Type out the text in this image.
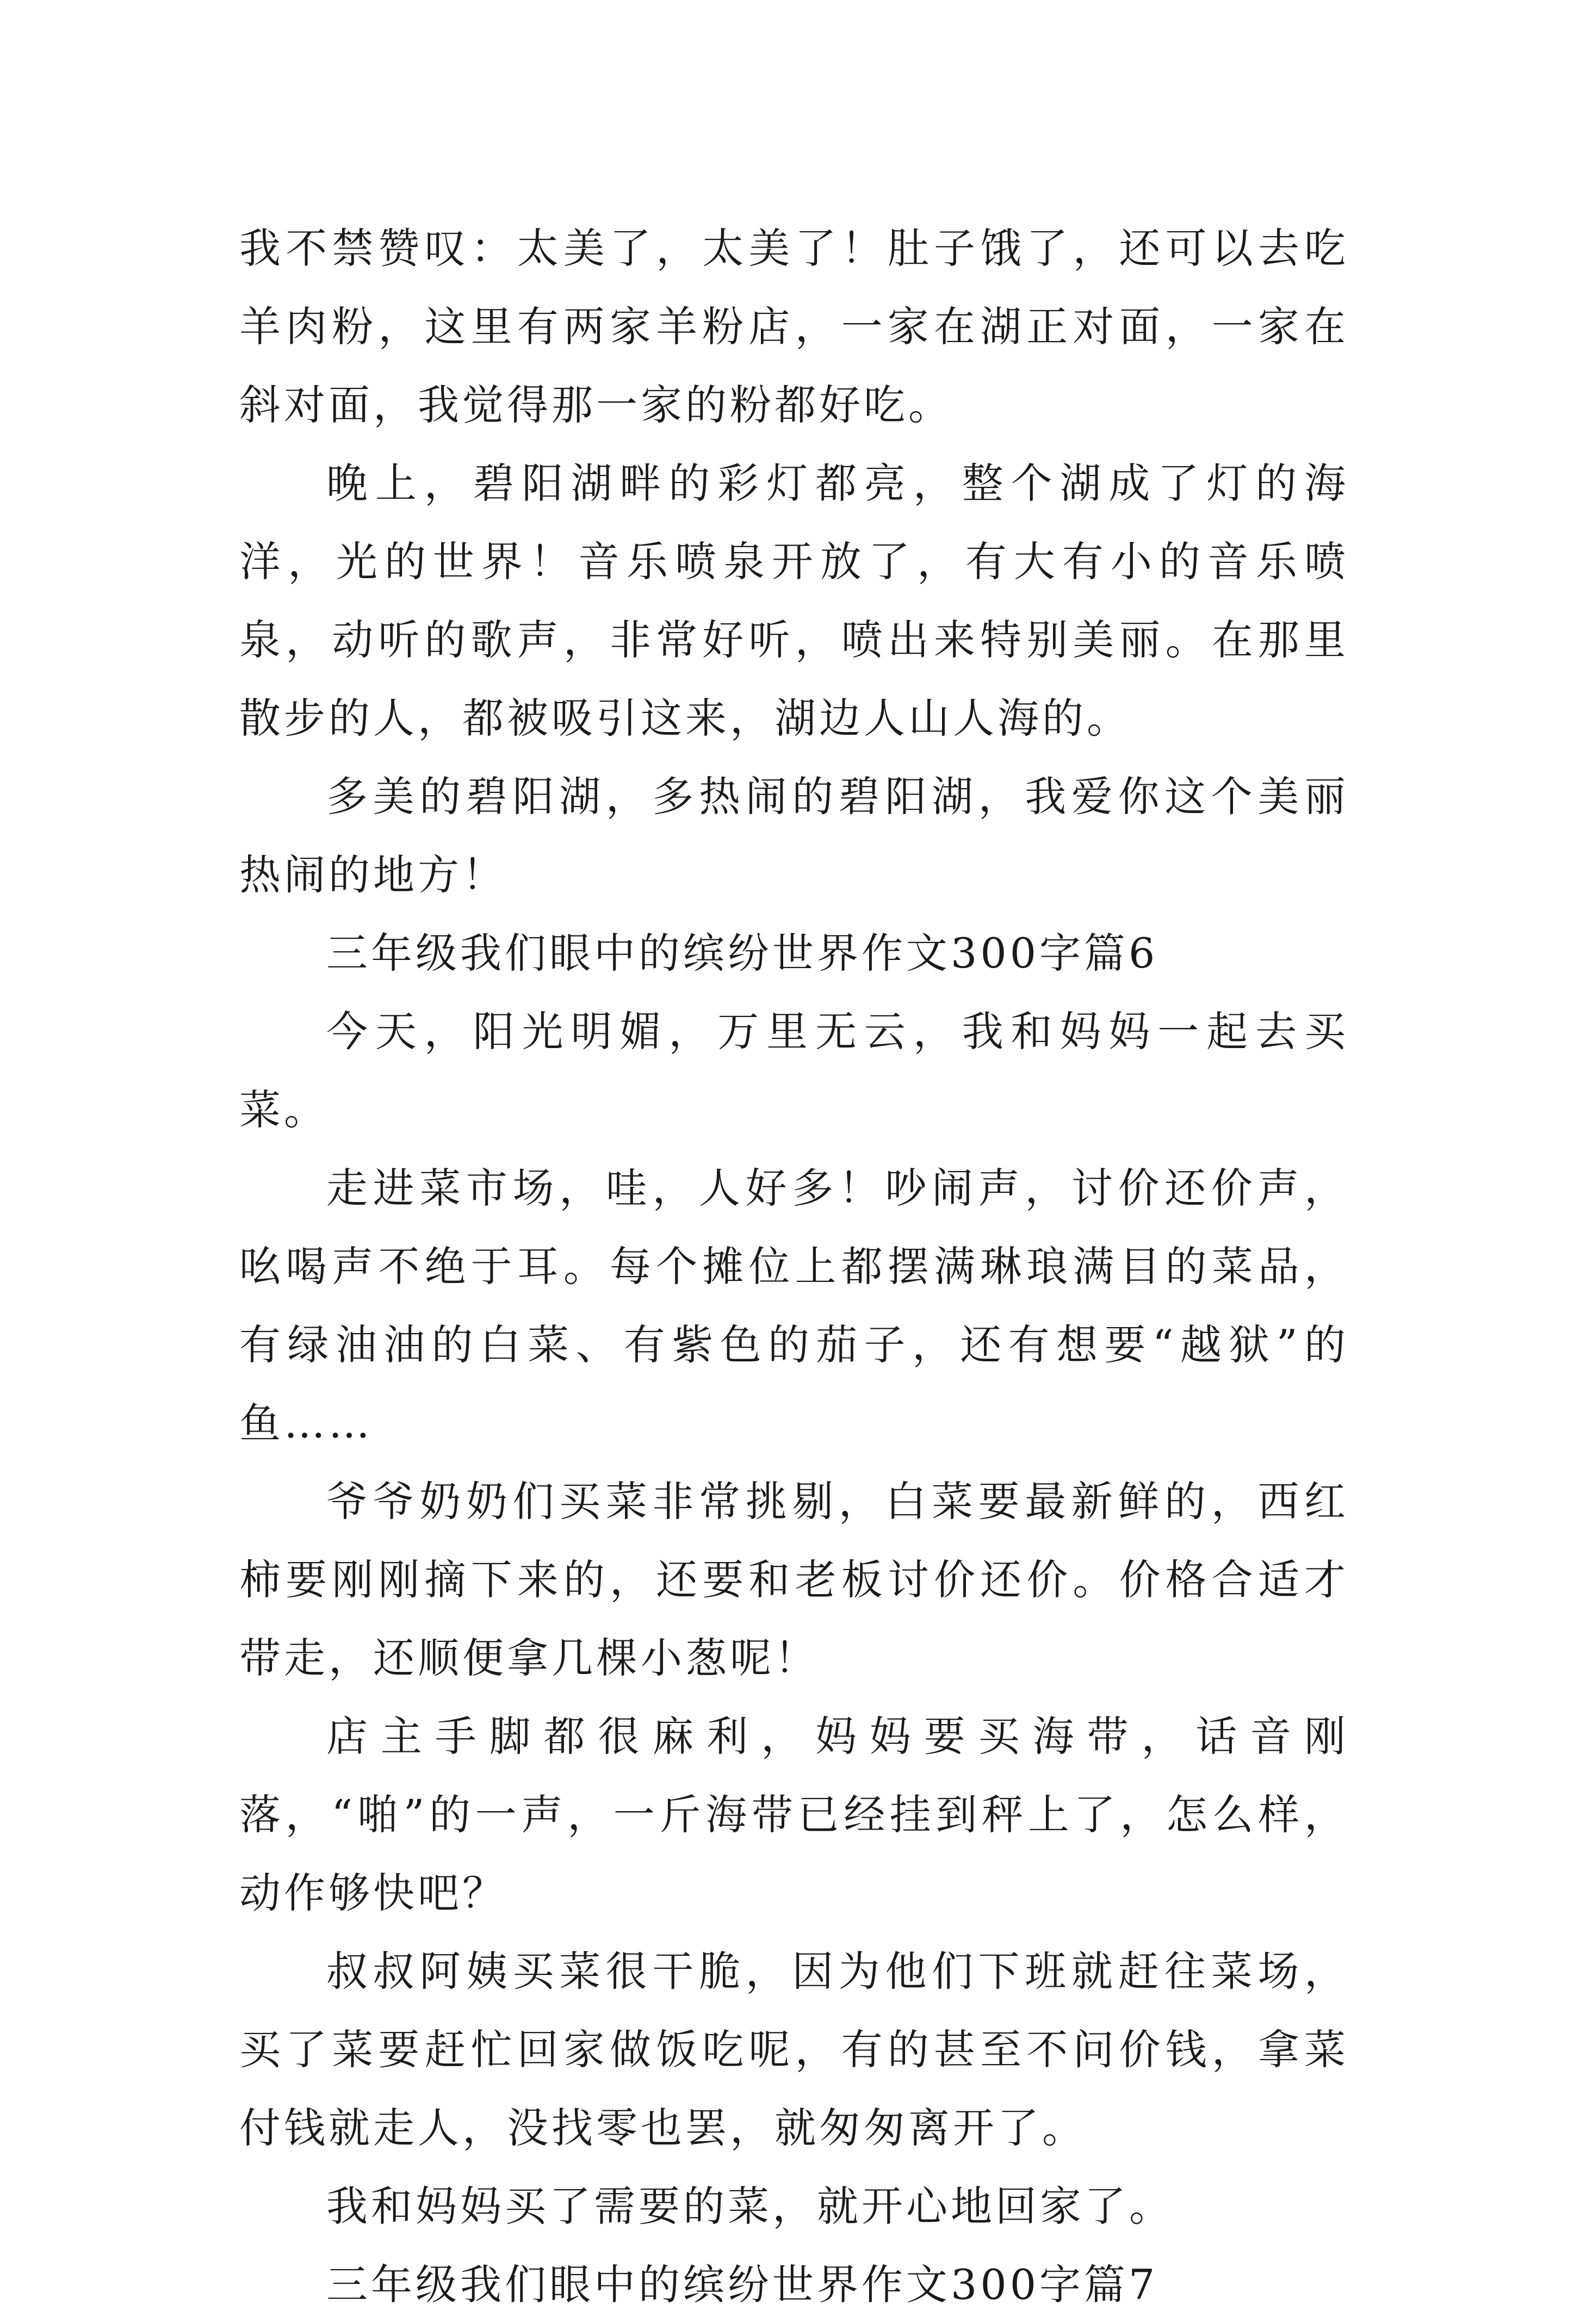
我不禁赞叹：太美了，太美了！肚子饿了，还可以去吃羊肉粉，这里有两家羊粉店，一家在湖正对面，一家在斜对面，我觉得那一家的粉都好吃。

晚上，碧阳湖畔的彩灯都亮，整个湖成了灯的海洋，光的世界！音乐喷泉开放了，有大有小的音乐喷泉，动听的歌声，非常好听，喷出来特别美丽。在那里散步的人，都被吸引这来，湖边人山人海的。

多美的碧阳湖，多热闹的碧阳湖，我爱你这个美丽热闹的地方！

三年级我们眼中的缤纷世界作文300字篇6

今天，阳光明媚，万里无云，我和妈妈一起去买菜。

走进菜市场，哇，人好多！吵闹声，讨价还价声，吆喝声不绝于耳。每个摊位上都摆满琳琅满目的菜品，有绿油油的白菜、有紫色的茄子，还有想要“越狱”的鱼……

爷爷奶奶们买菜非常挑剔，白菜要最新鲜的，西红柿要刚刚摘下来的，还要和老板讨价还价。价格合适才带走，还顺便拿几棵小葱呢！

店主手脚都很麻利，妈妈要买海带，话音刚落，“啪”的一声，一斤海带已经挂到秤上了，怎么样，动作够快吧？

叔叔阿姨买菜很干脆，因为他们下班就赶往菜场，买了菜要赶忙回家做饭吃呢，有的甚至不问价钱，拿菜付钱就走人，没找零也罢，就匆匆离开了。

我和妈妈买了需要的菜，就开心地回家了。

三年级我们眼中的缤纷世界作文300字篇7
